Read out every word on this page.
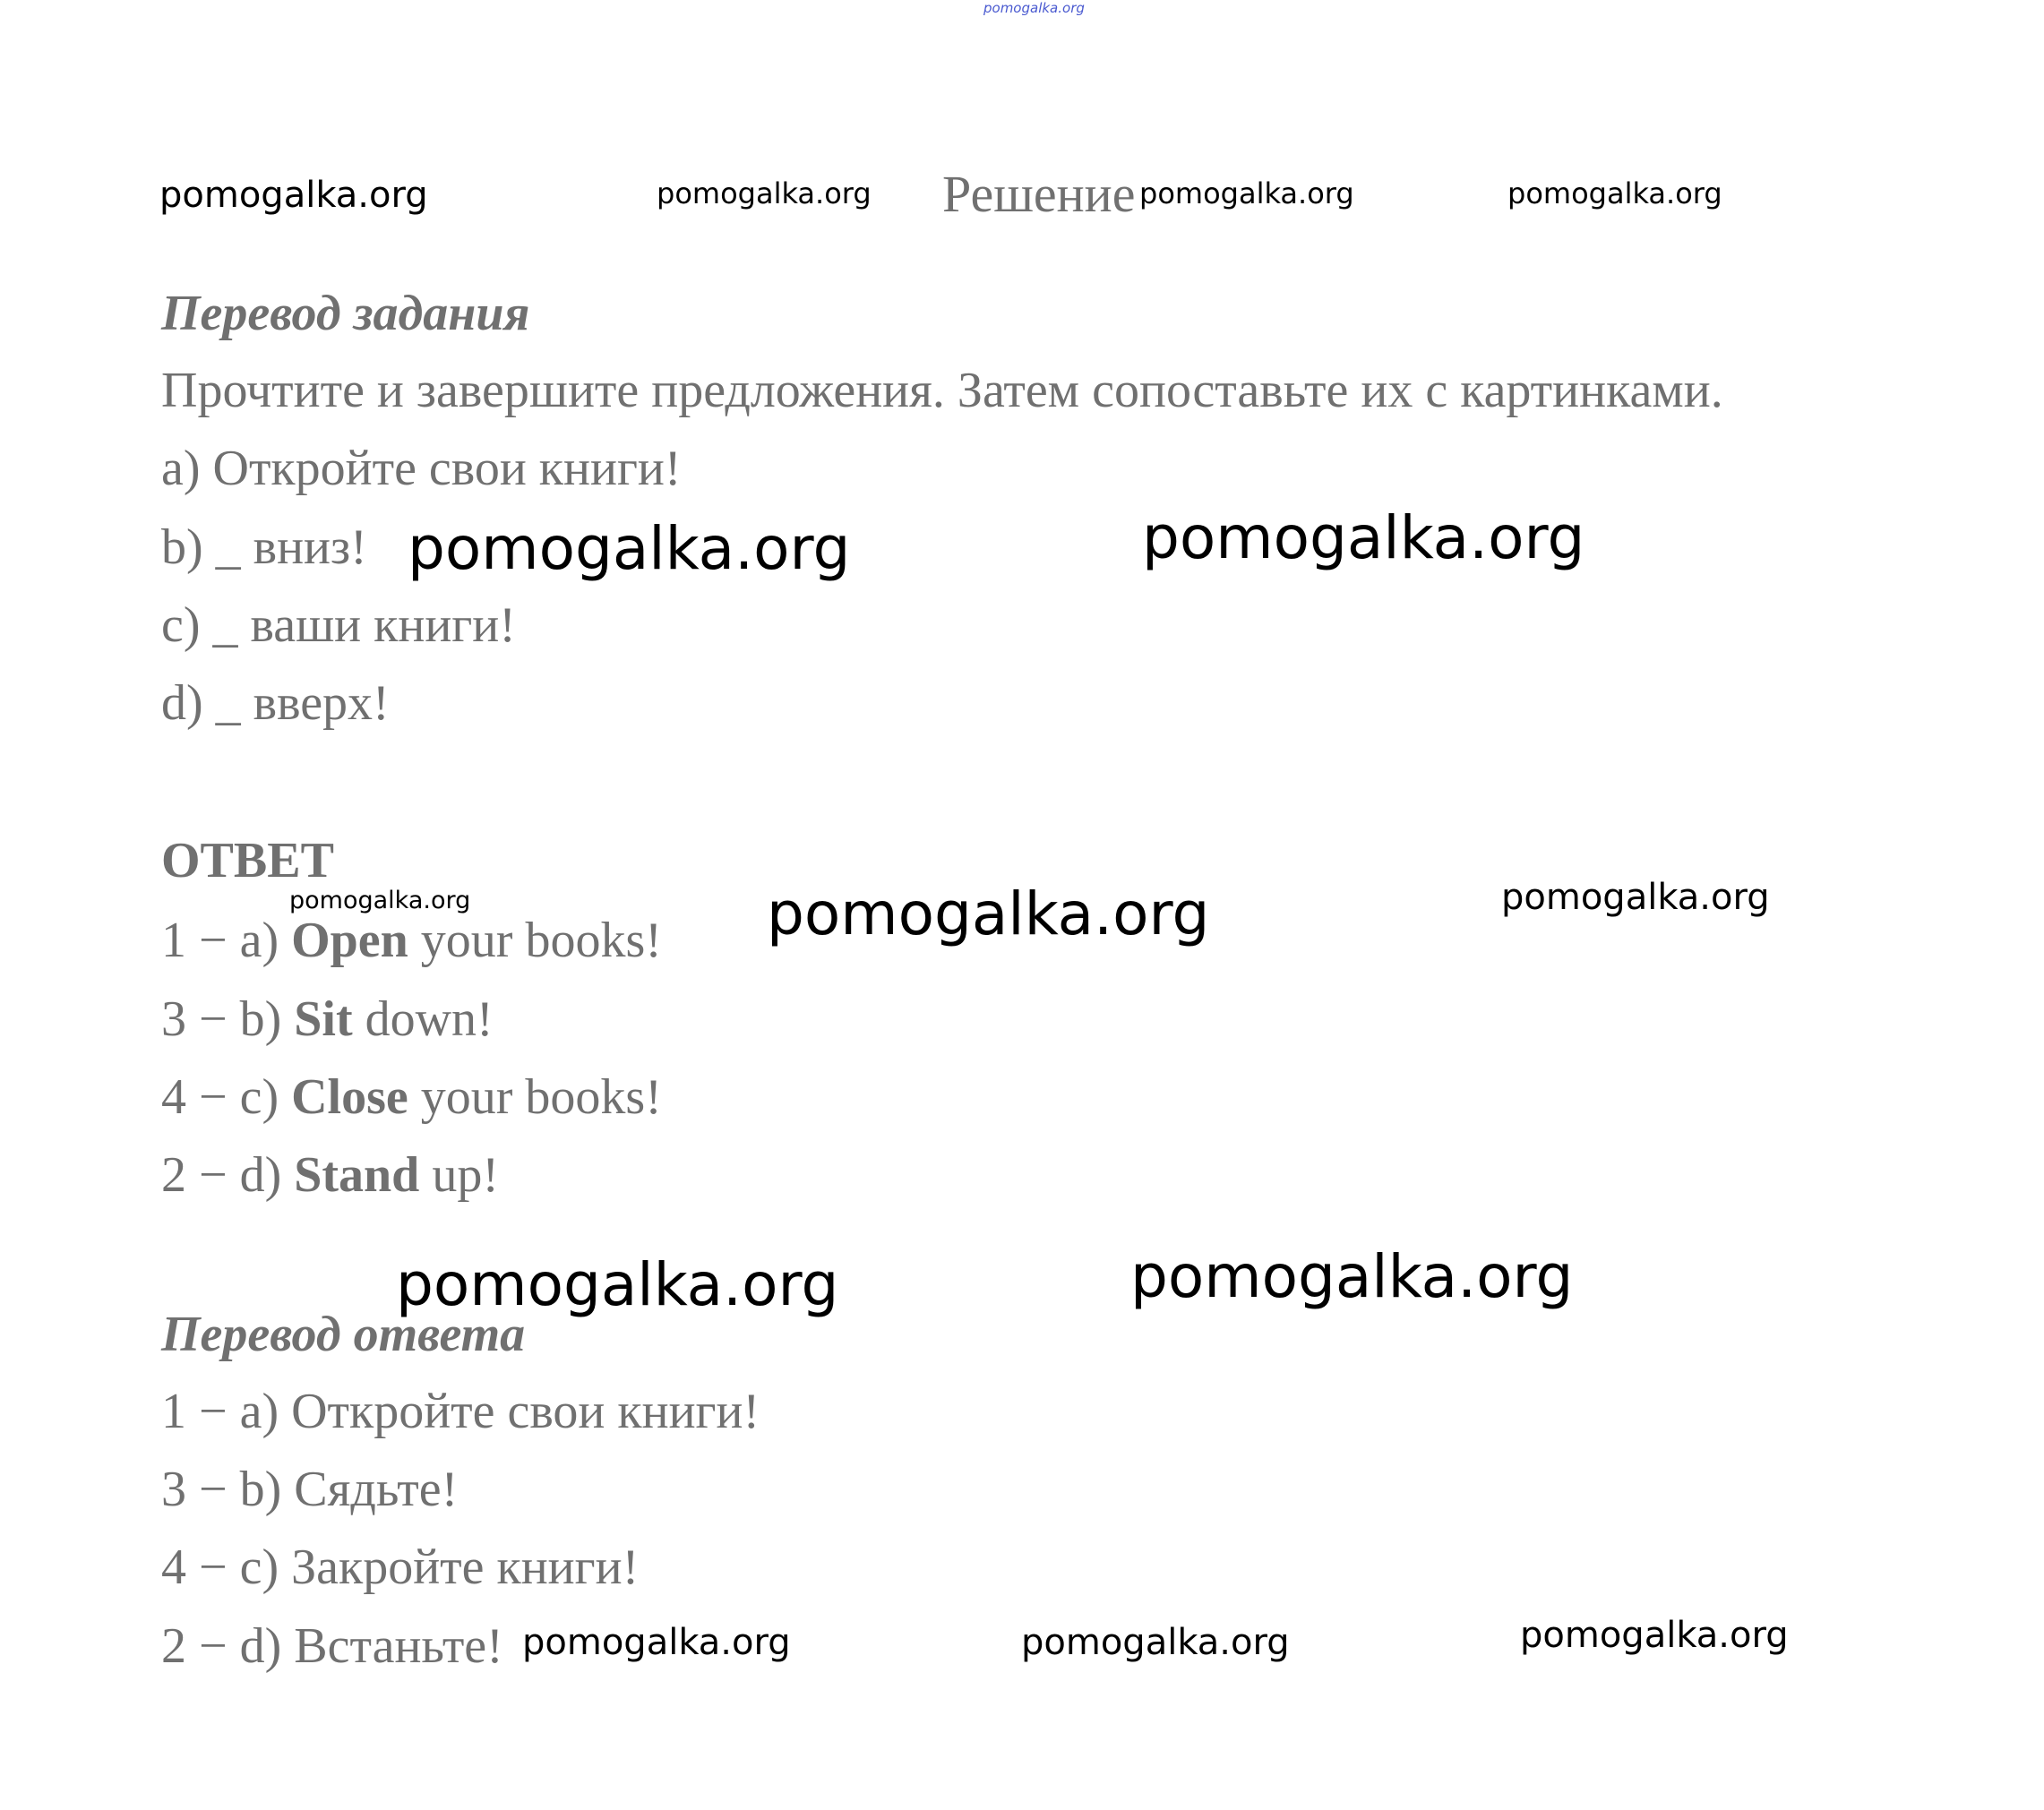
pomogalka.org
pomogalka.org	pomogalka.org Решение pomogalka.org	pomogalka.org
Перевод задания
Прочтите и завершите предложения. Затем сопоставьте их с картинками.
a) Откройте свои книги!
b) _ вниз!
c) _ ваши книги!
d) _ вверх!
pomogalka.org	pomogalka.org
ОТВЕТ
pomogalka.org	pomogalka.org	pomogalka.org
1 − a) Open your books!
3 − b) Sit down!
4 − c) Close your books!
2 − d) Stand up!
Перевод ответа
pomogalka.org	pomogalka.org
1 − a) Откройте свои книги!
3 − b) Сядьте!
4 − c) Закройте книги!
2 − d) Встаньте! pomogalka.org	pomogalka.org	pomogalka.org
